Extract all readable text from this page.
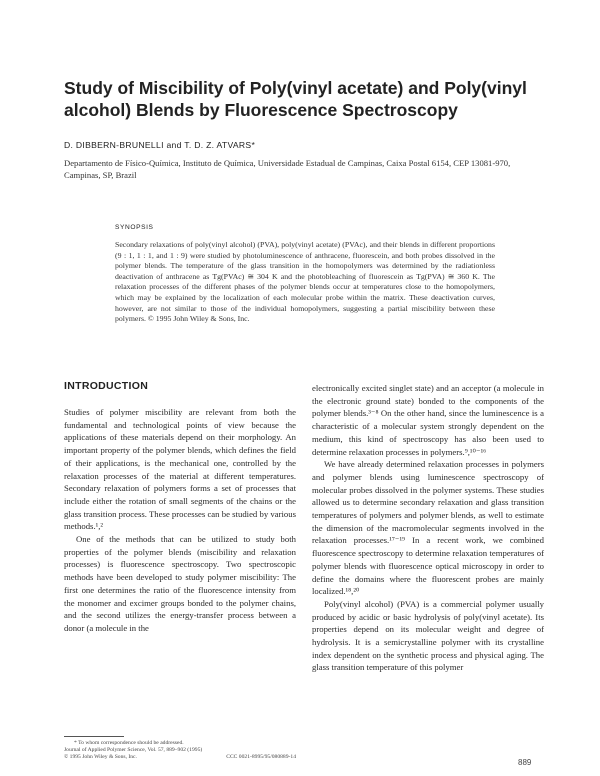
Study of Miscibility of Poly(vinyl acetate) and Poly(vinyl alcohol) Blends by Fluorescence Spectroscopy

D. DIBBERN-BRUNELLI and T. D. Z. ATVARS*

Departamento de Físico-Química, Instituto de Química, Universidade Estadual de Campinas, Caixa Postal 6154, CEP 13081-970, Campinas, SP, Brazil

SYNOPSIS

Secondary relaxations of poly(vinyl alcohol) (PVA), poly(vinyl acetate) (PVAc), and their blends in different proportions (9 : 1, 1 : 1, and 1 : 9) were studied by photoluminescence of anthracene, fluorescein, and both probes dissolved in the polymer blends. The temperature of the glass transition in the homopolymers was determined by the radiationless deactivation of anthracene as Tg(PVAc) ≅ 304 K and the photobleaching of fluorescein as Tg(PVA) ≅ 360 K. The relaxation processes of the different phases of the polymer blends occur at temperatures close to the homopolymers, which may be explained by the localization of each molecular probe within the matrix. These deactivation curves, however, are not similar to those of the individual homopolymers, suggesting a partial miscibility between these polymers. © 1995 John Wiley & Sons, Inc.

INTRODUCTION

Studies of polymer miscibility are relevant from both the fundamental and technological points of view because the applications of these materials depend on their morphology. An important property of the polymer blends, which defines the field of their applications, is the mechanical one, controlled by the relaxation processes of the material at different temperatures. Secondary relaxation of polymers forms a set of processes that include either the rotation of small segments of the chains or the glass transition process. These processes can be studied by various methods.¹,²

One of the methods that can be utilized to study both properties of the polymer blends (miscibility and relaxation processes) is fluorescence spectroscopy. Two spectroscopic methods have been developed to study polymer miscibility: The first one determines the ratio of the fluorescence intensity from the monomer and excimer groups bonded to the polymer chains, and the second utilizes the energy-transfer process between a donor (a molecule in the

electronically excited singlet state) and an acceptor (a molecule in the electronic ground state) bonded to the components of the polymer blends.³⁻⁸ On the other hand, since the luminescence is a characteristic of a molecular system strongly dependent on the medium, this kind of spectroscopy has also been used to determine relaxation processes in polymers.⁹,¹⁰⁻¹⁶

We have already determined relaxation processes in polymers and polymer blends using luminescence spectroscopy of molecular probes dissolved in the polymer systems. These studies allowed us to determine secondary relaxation and glass transition temperatures of polymers and polymer blends, as well to estimate the dimension of the macromolecular segments involved in the relaxation processes.¹⁷⁻¹⁹ In a recent work, we combined fluorescence spectroscopy to determine relaxation temperatures of polymer blends with fluorescence optical microscopy in order to define the domains where the fluorescent probes are mainly localized.¹⁸,²⁰

Poly(vinyl alcohol) (PVA) is a commercial polymer usually produced by acidic or basic hydrolysis of poly(vinyl acetate). Its properties depend on its molecular weight and degree of hydrolysis. It is a semicrystalline polymer with its crystalline index dependent on the synthetic process and physical aging. The glass transition temperature of this polymer

* To whom correspondence should be addressed.

Journal of Applied Polymer Science, Vol. 57, 889–902 (1995)

© 1995 John Wiley & Sons, Inc.	CCC 0021-8995/95/080889-14
889
